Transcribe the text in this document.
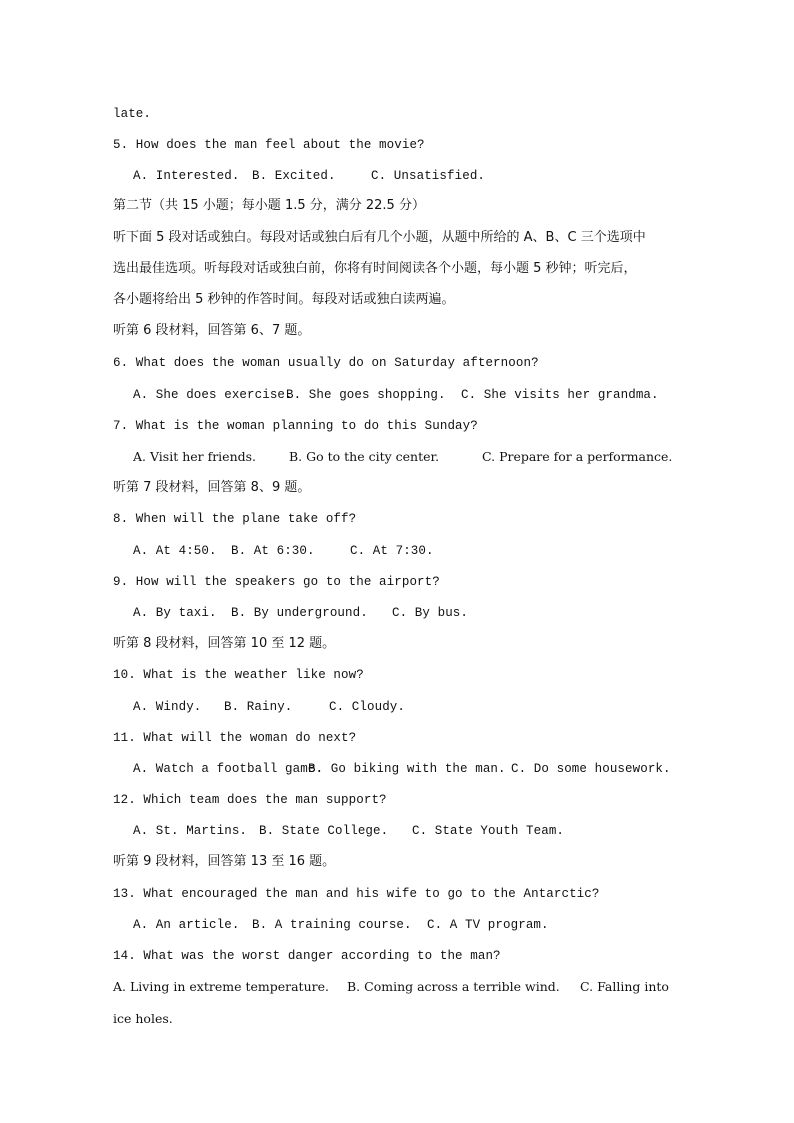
late.
5. How does the man feel about the movie?
A. Interested. B. Excited.	C. Unsatisfied.
第二节（共 15 小题；每小题 1.5 分，满分 22.5 分）
听下面 5 段对话或独白。每段对话或独白后有几个小题，从题中所给的 A、B、C 三个选项中
选出最佳选项。听每段对话或独白前，你将有时间阅读各个小题，每小题 5 秒钟；听完后，
各小题将给出 5 秒钟的作答时间。每段对话或独白读两遍。
听第 6 段材料，回答第 6、7 题。
6. What does the woman usually do on Saturday afternoon?
A. She does exercise.
B. She goes shopping. C. She visits her grandma.
7. What is the woman planning to do this Sunday?
A. Visit her friends.	B. Go to the city center.	C. Prepare for a performance.
听第 7 段材料，回答第 8、9 题。
8. When will the plane take off?
A. At 4:50. B. At 6:30.	C. At 7:30.
9. How will the speakers go to the airport?
A. By taxi. B. By underground. C. By bus.
听第 8 段材料，回答第 10 至 12 题。
10. What is the weather like now?
A. Windy. B. Rainy.	C. Cloudy.
11. What will the woman do next?
A. Watch a football game.
B. Go biking with the man. C. Do some housework.
12. Which team does the man support?
A. St. Martins. B. State College. C. State Youth Team.
听第 9 段材料，回答第 13 至 16 题。
13. What encouraged the man and his wife to go to the Antarctic?
A. An article. B. A training course. C. A TV program.
14. What was the worst danger according to the man?
A. Living in extreme temperature. B. Coming across a terrible wind. C. Falling into
ice holes.
